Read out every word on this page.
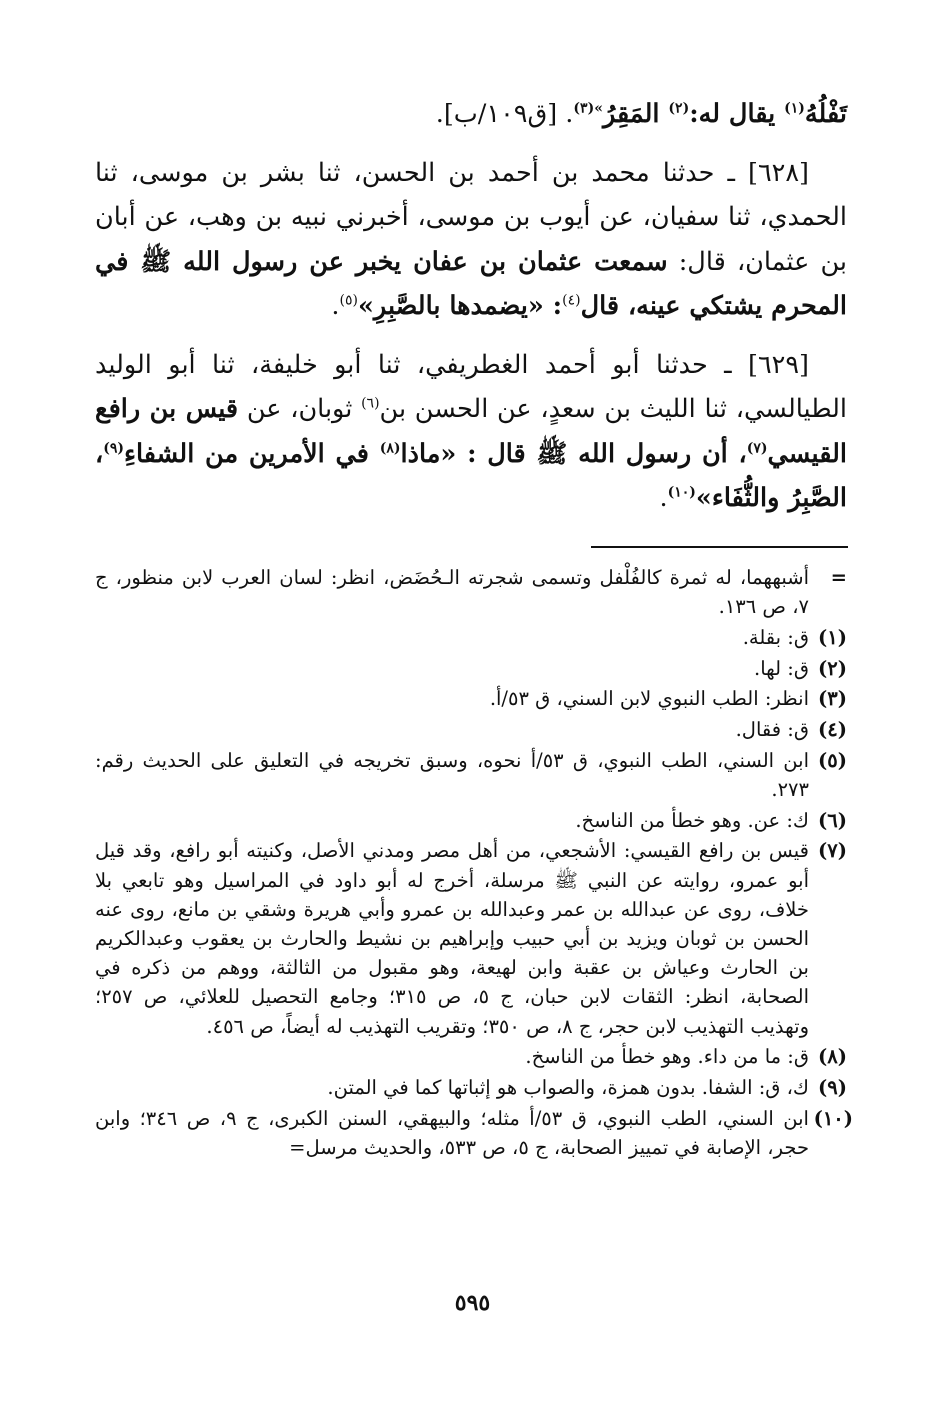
تَفْلُهُ$^{(١)}$ يقال له:$^{(٢)}$ المَقِرُ$^{»(٣)}$. [ق١٠٩/ب].

[٦٢٨] ـ حدثنا محمد بن أحمد بن الحسن، ثنا بشر بن موسى، ثنا الحمدي، ثنا سفيان، عن أيوب بن موسى، أخبرني نبيه بن وهب، عن أبان بن عثمان، قال: سمعت عثمان بن عفان يخبر عن رسول الله ﷺ في المحرم يشتكي عينه، قال$^{(٤)}$: «يضمدها بالصَّبِرِ»$^{(٥)}$.

[٦٢٩] ـ حدثنا أبو أحمد الغطريفي، ثنا أبو خليفة، ثنا أبو الوليد الطيالسي، ثنا الليث بن سعدٍ، عن الحسن بن$^{(٦)}$ ثوبان، عن قيس بن رافع القيسي$^{(٧)}$، أن رسول الله ﷺ قال : «ماذا$^{(٨)}$ في الأمرين من الشفاءِ$^{(٩)}$، الصَّبِرُ والثُّفَاء»$^{(١٠)}$.

=
أشبههما، له ثمرة كالفُلْفل وتسمى شجرته الـحُضَض، انظر: لسان العرب لابن منظور، ج ٧، ص ١٣٦.
(١)
ق: بقلة.
(٢)
ق: لها.
(٣)
انظر: الطب النبوي لابن السني، ق ٥٣/أ.
(٤)
ق: فقال.
(٥)
ابن السني، الطب النبوي، ق ٥٣/أ نحوه، وسبق تخريجه في التعليق على الحديث رقم: ٢٧٣.
(٦)
ك: عن. وهو خطأ من الناسخ.
(٧)
قيس بن رافع القيسي: الأشجعي، من أهل مصر ومدني الأصل، وكنيته أبو رافع، وقد قيل أبو عمرو، روايته عن النبي ﷺ مرسلة، أخرج له أبو داود في المراسيل وهو تابعي بلا خلاف، روى عن عبدالله بن عمر وعبدالله بن عمرو وأبي هريرة وشقي بن مانع، روى عنه الحسن بن ثوبان ويزيد بن أبي حبيب وإبراهيم بن نشيط والحارث بن يعقوب وعبدالكريم بن الحارث وعياش بن عقبة وابن لهيعة، وهو مقبول من الثالثة، ووهم من ذكره في الصحابة، انظر: الثقات لابن حبان، ج ٥، ص ٣١٥؛ وجامع التحصيل للعلائي، ص ٢٥٧؛ وتهذيب التهذيب لابن حجر، ج ٨، ص ٣٥٠؛ وتقريب التهذيب له أيضاً، ص ٤٥٦.
(٨)
ق: ما من داء. وهو خطأ من الناسخ.
(٩)
ك، ق: الشفا. بدون همزة، والصواب هو إثباتها كما في المتن.
(١٠)
ابن السني، الطب النبوي، ق ٥٣/أ مثله؛ والبيهقي، السنن الكبرى، ج ٩، ص ٣٤٦؛ وابن حجر، الإصابة في تمييز الصحابة، ج ٥، ص ٥٣٣، والحديث مرسل=
٥٩٥
